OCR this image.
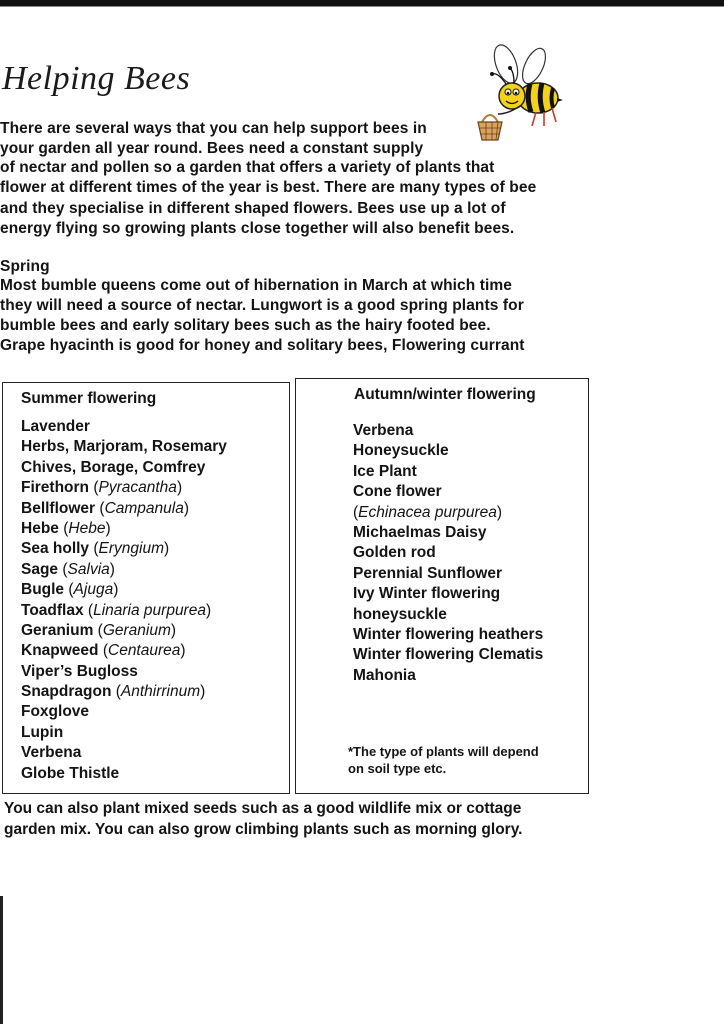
Helping Bees

There are several ways that you can help support bees in

your garden all year round. Bees need a constant supply

of nectar and pollen so a garden that offers a variety of plants that

flower at different times of the year is best. There are many types of bee

and they specialise in different shaped flowers. Bees use up a lot of

energy flying so growing plants close together will also benefit bees.

Spring

Most bumble queens come out of hibernation in March at which time

they will need a source of nectar. Lungwort is a good spring plants for

bumble bees and early solitary bees such as the hairy footed bee.

Grape hyacinth is good for honey and solitary bees, Flowering currant

Summer flowering

Lavender
Herbs, Marjoram, Rosemary
Chives, Borage, Comfrey
Firethorn (Pyracantha)
Bellflower (Campanula)
Hebe (Hebe)
Sea holly (Eryngium)
Sage (Salvia)
Bugle (Ajuga)
Toadflax (Linaria purpurea)
Geranium (Geranium)
Knapweed (Centaurea)
Viper’s Bugloss
Snapdragon (Anthirrinum)
Foxglove
Lupin
Verbena
Globe Thistle

Autumn/winter flowering

Verbena
Honeysuckle
Ice Plant
Cone flower
(Echinacea purpurea)
Michaelmas Daisy
Golden rod
Perennial Sunflower
Ivy Winter flowering
honeysuckle
Winter flowering heathers
Winter flowering Clematis
Mahonia

*The type of plants will depend
on soil type etc.

You can also plant mixed seeds such as a good wildlife mix or cottage

garden mix. You can also grow climbing plants such as morning glory.
